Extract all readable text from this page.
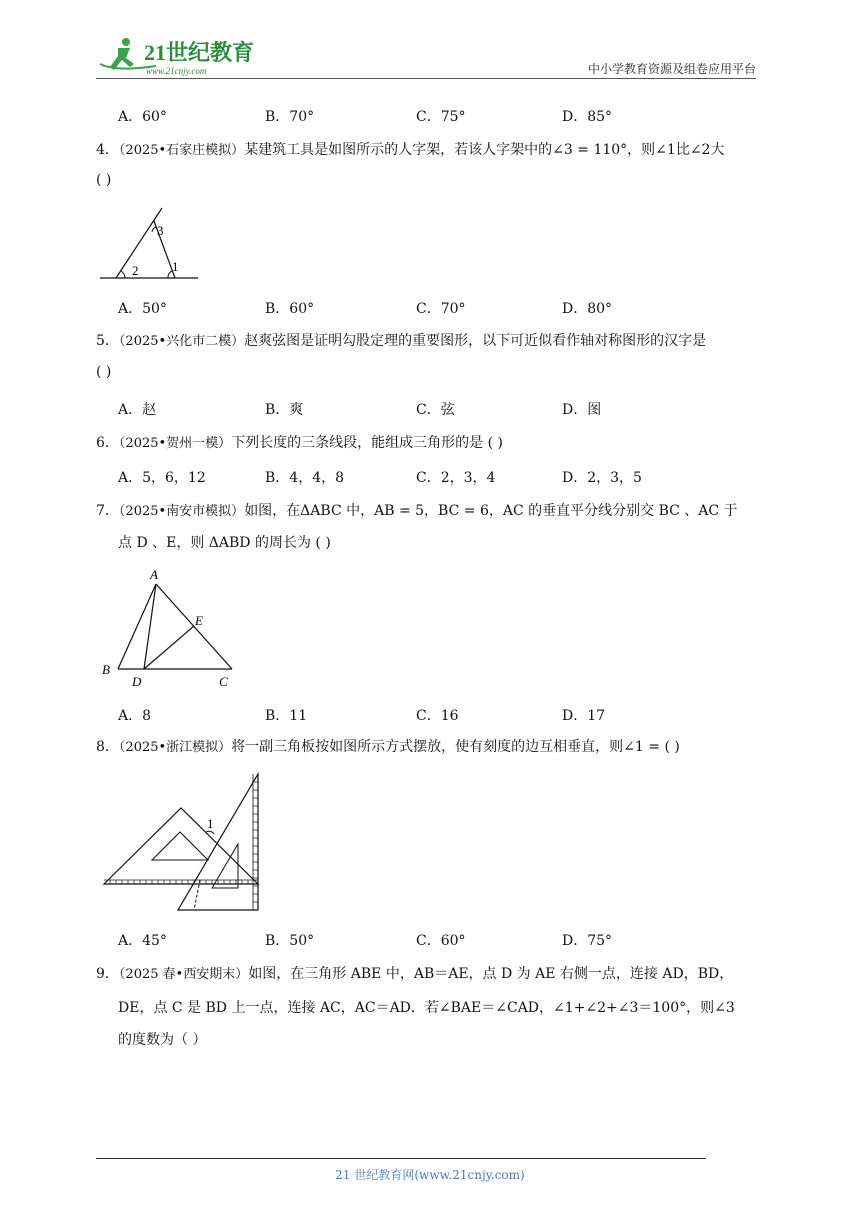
21世纪教育
www.21cnjy.com	中小学教育资源及组卷应用平台
A．60°	B．70°	C．75°	D．85°
4．（2025•石家庄模拟）某建筑工具是如图所示的人字架，若该人字架中的∠3 = 110°，则∠1比∠2大
( )
3
2	1
A．50°	B．60°	C．70°	D．80°
5．（2025•兴化市二模）赵爽弦图是证明勾股定理的重要图形，以下可近似看作轴对称图形的汉字是
( )
A．赵	B．爽	C．弦	D．图
6．（2025•贺州一模）下列长度的三条线段，能组成三角形的是 ( )
A．5，6，12	B．4，4，8	C．2，3，4	D．2，3，5
7．（2025•南安市模拟）如图，在ΔABC 中，AB = 5，BC = 6，AC 的垂直平分线分别交 BC 、AC 于
点 D 、E，则 ΔABD 的周长为 ( )
A
E
B
D	C
A．8	B．11	C．16	D．17
8．（2025•浙江模拟）将一副三角板按如图所示方式摆放，使有刻度的边互相垂直，则∠1 = ( )
1
A．45°	B．50°	C．60°	D．75°
9．（2025 春•西安期末）如图，在三角形 ABE 中，AB＝AE，点 D 为 AE 右侧一点，连接 AD，BD，
DE，点 C 是 BD 上一点，连接 AC，AC＝AD．若∠BAE＝∠CAD，∠1+∠2+∠3＝100°，则∠3
的度数为（ ）
21 世纪教育网(www.21cnjy.com)
